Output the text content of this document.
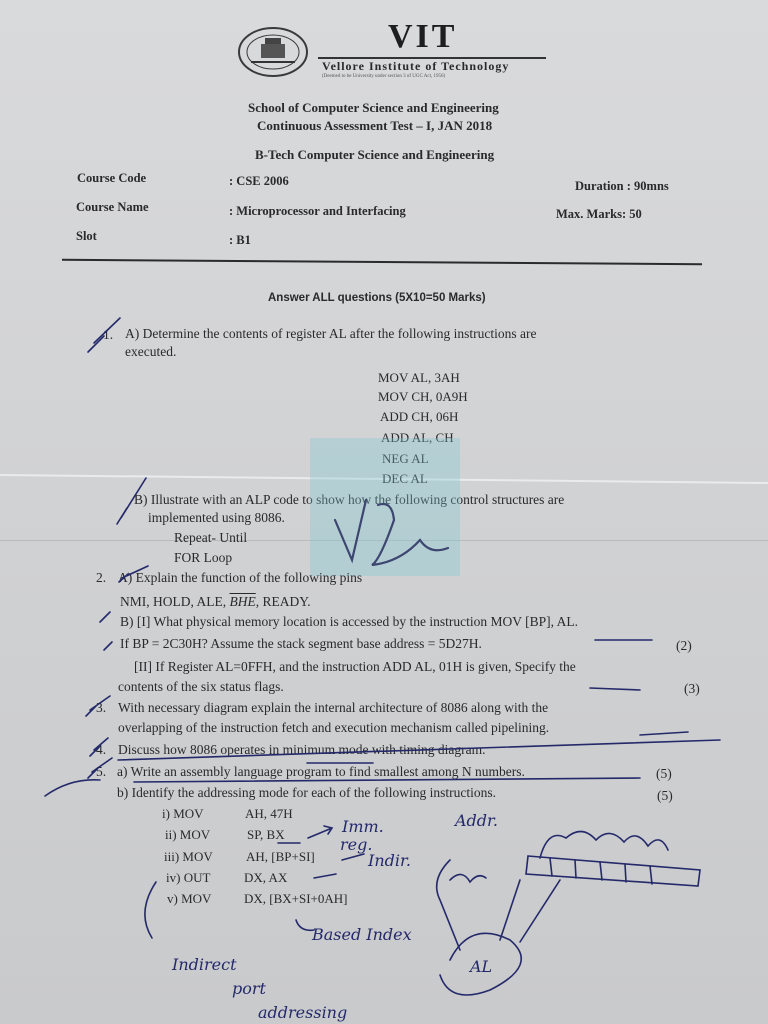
VIT
Vellore Institute of Technology
(Deemed to be University under section 3 of UGC Act, 1956)
School of Computer Science and Engineering
Continuous Assessment Test – I, JAN 2018
B-Tech Computer Science and Engineering
Course Code	: CSE 2006	Duration : 90mns
Course Name	: Microprocessor and Interfacing	Max. Marks: 50
Slot	: B1
Answer ALL questions (5X10=50 Marks)
1. A) Determine the contents of register AL after the following instructions are
executed.
MOV AL, 3AH
MOV CH, 0A9H
ADD CH, 06H
ADD AL, CH
NEG AL
DEC AL
B) Illustrate with an ALP code to show how the following control structures are
implemented using 8086.
Repeat- Until
FOR Loop
2. A) Explain the function of the following pins
NMI, HOLD, ALE, $\overline{BHE}$, READY.
B) [I] What physical memory location is accessed by the instruction MOV [BP], AL.
If BP = 2C30H? Assume the stack segment base address = 5D27H.	(2)
[II] If Register AL=0FFH, and the instruction ADD AL, 01H is given, Specify the
contents of the six status flags.	(3)
3. With necessary diagram explain the internal architecture of 8086 along with the
overlapping of the instruction fetch and execution mechanism called pipelining.
4. Discuss how 8086 operates in minimum mode with timing diagram.
5. a) Write an assembly language program to find smallest among N numbers.	(5)
b) Identify the addressing mode for each of the following instructions.	(5)
i) MOV	AH, 47H
ii) MOV	SP, BX
iii) MOV	AH, [BP+SI]
iv) OUT	DX, AX
v) MOV	DX, [BX+SI+0AH]
Imm.	Addr.
reg.
Indir.
Based Index
Indirect
port
addressing
AL
